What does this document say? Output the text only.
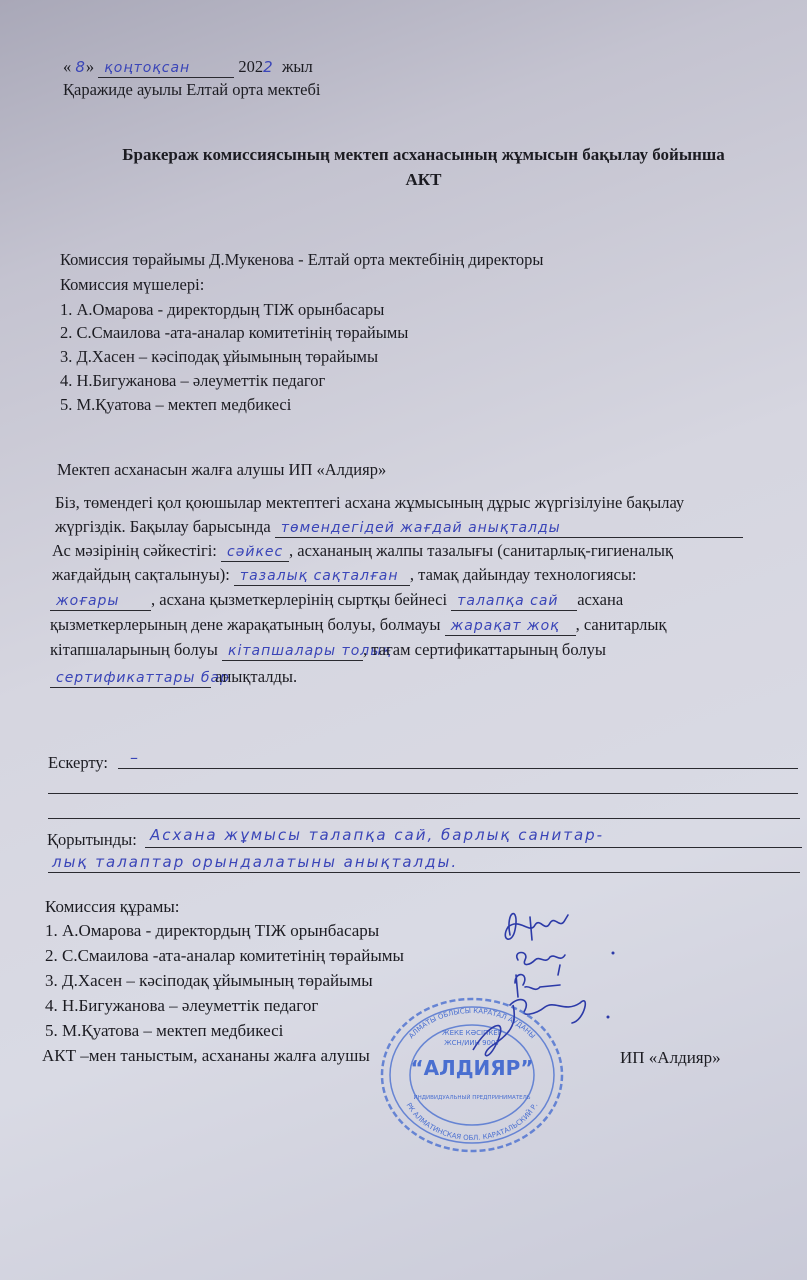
« 8» қоңтоқсан	2022 жыл
Қаражиде ауылы Елтай орта мектебі
Бракераж комиссиясының мектеп асханасының жұмысын бақылау бойынша
АКТ
Комиссия төрайымы Д.Мукенова - Елтай орта мектебінің директоры
Комиссия мүшелері:
1. А.Омарова - директордың ТІЖ орынбасары
2. С.Смаилова -ата-аналар комитетінің төрайымы
3. Д.Хасен – кәсіподақ ұйымының төрайымы
4. Н.Бигужанова – әлеуметтік педагог
5. М.Қуатова – мектеп медбикесі
Мектеп асханасын жалға алушы ИП «Алдияр»
Біз, төмендегі қол қоюшылар мектептегі асхана жұмысының дұрыс жүргізілуіне бақылау
жүргіздік. Бақылау барысында төмендегідей жағдай анықталды
Ас мәзірінің сәйкестігі: сәйкес , асхананың жалпы тазалығы (санитарлық-гигиеналық
жағдайдың сақталынуы): тазалық сақталған , тамақ дайындау технологиясы:
жоғары , асхана қызметкерлерінің сыртқы бейнесі талапқа сай асхана
қызметкерлерының дене жарақатының болуы, болмауы жарақат жоқ , санитарлық
кітапшаларының болуы кітапшалары толық, тағам сертификаттарының болуы
сертификаттары бар анықталды.
Ескерту: –
Қорытынды: Асхана жұмысы талапқа сай, барлық санитар-
лық талаптар орындалатыны анықталды.
Комиссия құрамы:
1. А.Омарова - директордың ТІЖ орынбасары
2. С.Смаилова -ата-аналар комитетінің төрайымы
3. Д.Хасен – кәсіподақ ұйымының төрайымы
4. Н.Бигужанова – әлеуметтік педагог
5. М.Қуатова – мектеп медбикесі
АКТ –мен таныстым, асхананы жалға алушы	ИП «Алдияр»
ЖЕКЕ КӘСІПКЕР
ЖСН/ИИН 9007
“АЛДИЯР”
ИНДИВИДУАЛЬНЫЙ ПРЕДПРИНИМАТЕЛЬ
АЛМАТЫ ОБЛЫСЫ КАРАТАЛ АУДАНЫ
РК АЛМАТИНСКАЯ ОБЛ. КАРАТАЛЬСКИЙ Р.
